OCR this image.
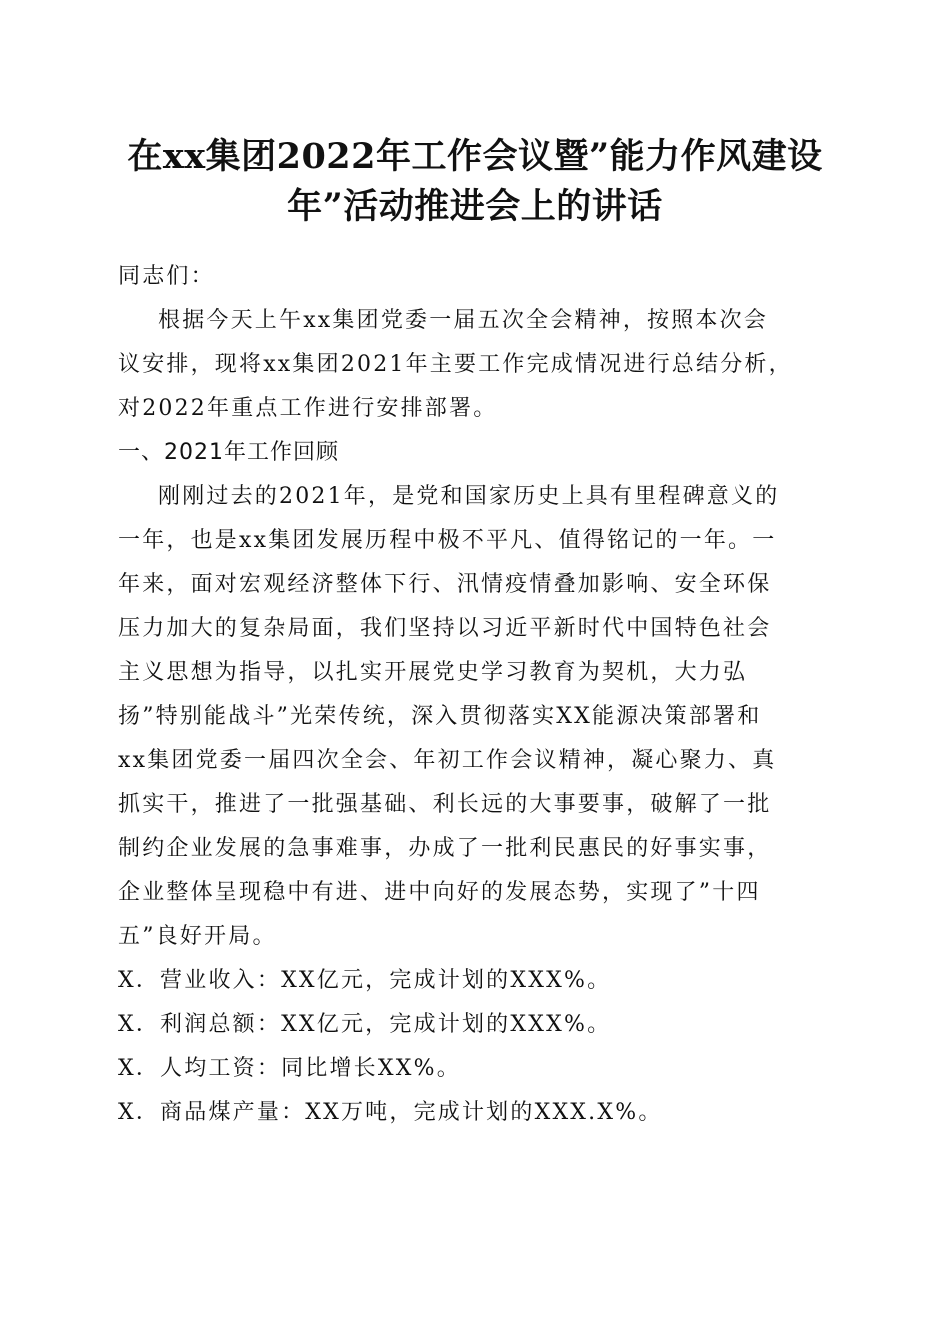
在xx集团2022年工作会议暨”能力作风建设
年”活动推进会上的讲话

同志们：

根据今天上午xx集团党委一届五次全会精神，按照本次会
议安排，现将xx集团2021年主要工作完成情况进行总结分析，
对2022年重点工作进行安排部署。

一、2021年工作回顾

刚刚过去的2021年，是党和国家历史上具有里程碑意义的
一年，也是xx集团发展历程中极不平凡、值得铭记的一年。一
年来，面对宏观经济整体下行、汛情疫情叠加影响、安全环保
压力加大的复杂局面，我们坚持以习近平新时代中国特色社会
主义思想为指导，以扎实开展党史学习教育为契机，大力弘
扬”特别能战斗”光荣传统，深入贯彻落实XX能源决策部署和
xx集团党委一届四次全会、年初工作会议精神，凝心聚力、真
抓实干，推进了一批强基础、利长远的大事要事，破解了一批
制约企业发展的急事难事，办成了一批利民惠民的好事实事，
企业整体呈现稳中有进、进中向好的发展态势，实现了”十四
五”良好开局。

X．营业收入：XX亿元，完成计划的XXX%。

X．利润总额：XX亿元，完成计划的XXX%。

X．人均工资：同比增长XX%。

X．商品煤产量：XX万吨，完成计划的XXX.X%。
